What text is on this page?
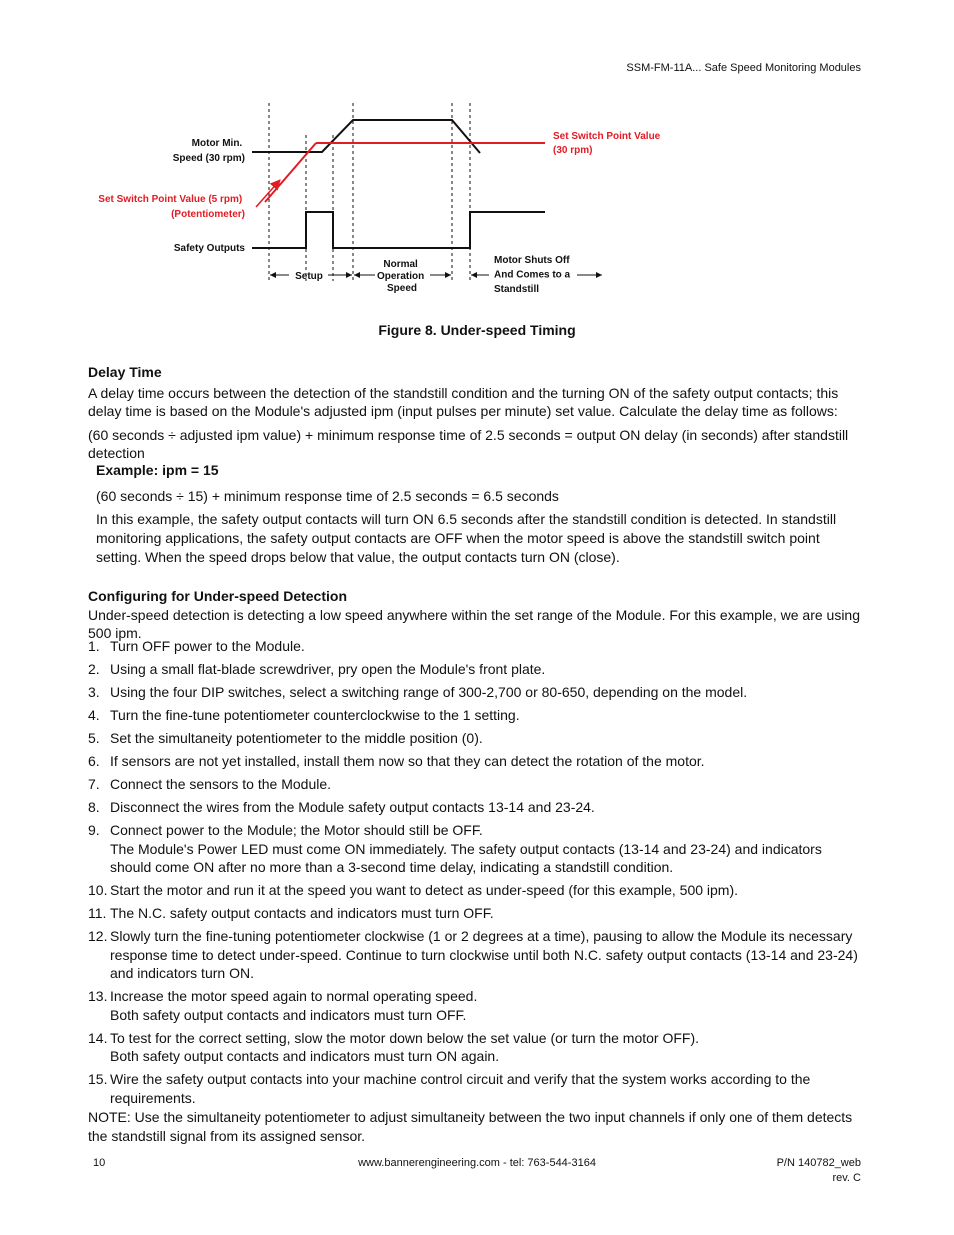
SSM-FM-11A... Safe Speed Monitoring Modules
Motor Min. Speed (30 rpm)
Set Switch Point Value (5 rpm) (Potentiometer)
Safety Outputs
Set Switch Point Value (30 rpm)
Setup
Normal Operation Speed
Motor Shuts Off And Comes to a Standstill
Figure 8. Under-speed Timing
Delay Time

A delay time occurs between the detection of the standstill condition and the turning ON of the safety output contacts; this delay time is based on the Module's adjusted ipm (input pulses per minute) set value. Calculate the delay time as follows:

(60 seconds ÷ adjusted ipm value) + minimum response time of 2.5 seconds = output ON delay (in seconds) after standstill detection

Example: ipm = 15

(60 seconds ÷ 15) + minimum response time of 2.5 seconds = 6.5 seconds

In this example, the safety output contacts will turn ON 6.5 seconds after the standstill condition is detected. In standstill monitoring applications, the safety output contacts are OFF when the motor speed is above the standstill switch point setting. When the speed drops below that value, the output contacts turn ON (close).

Configuring for Under-speed Detection

Under-speed detection is detecting a low speed anywhere within the set range of the Module. For this example, we are using 500 ipm.

1. Turn OFF power to the Module.
2. Using a small flat-blade screwdriver, pry open the Module's front plate.
3. Using the four DIP switches, select a switching range of 300-2,700 or 80-650, depending on the model.
4. Turn the fine-tune potentiometer counterclockwise to the 1 setting.
5. Set the simultaneity potentiometer to the middle position (0).
6. If sensors are not yet installed, install them now so that they can detect the rotation of the motor.
7. Connect the sensors to the Module.
8. Disconnect the wires from the Module safety output contacts 13-14 and 23-24.
9. Connect power to the Module; the Motor should still be OFF.
The Module's Power LED must come ON immediately. The safety output contacts (13-14 and 23-24) and indicators should come ON after no more than a 3-second time delay, indicating a standstill condition.
10. Start the motor and run it at the speed you want to detect as under-speed (for this example, 500 ipm).
11. The N.C. safety output contacts and indicators must turn OFF.
12. Slowly turn the fine-tuning potentiometer clockwise (1 or 2 degrees at a time), pausing to allow the Module its necessary response time to detect under-speed. Continue to turn clockwise until both N.C. safety output contacts (13-14 and 23-24) and indicators turn ON.
13. Increase the motor speed again to normal operating speed.
Both safety output contacts and indicators must turn OFF.
14. To test for the correct setting, slow the motor down below the set value (or turn the motor OFF).
Both safety output contacts and indicators must turn ON again.
15. Wire the safety output contacts into your machine control circuit and verify that the system works according to the requirements.
NOTE: Use the simultaneity potentiometer to adjust simultaneity between the two input channels if only one of them detects the standstill signal from its assigned sensor.
10	www.bannerengineering.com - tel: 763-544-3164	P/N 140782_web
rev. C
